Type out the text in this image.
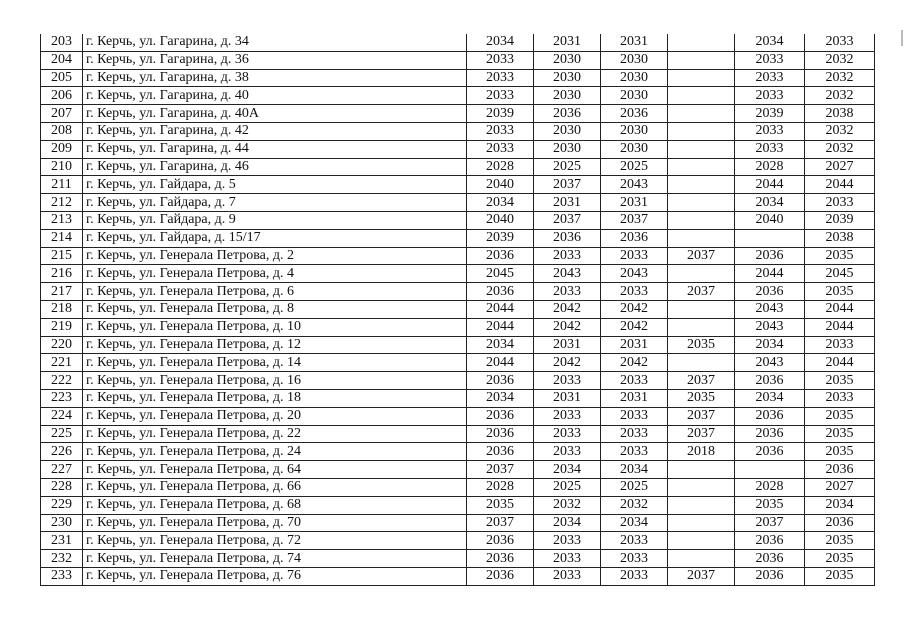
203	г. Керчь, ул. Гагарина, д. 34	2034	2031	2031		2034	2033
204	г. Керчь, ул. Гагарина, д. 36	2033	2030	2030		2033	2032
205	г. Керчь, ул. Гагарина, д. 38	2033	2030	2030		2033	2032
206	г. Керчь, ул. Гагарина, д. 40	2033	2030	2030		2033	2032
207	г. Керчь, ул. Гагарина, д. 40А	2039	2036	2036		2039	2038
208	г. Керчь, ул. Гагарина, д. 42	2033	2030	2030		2033	2032
209	г. Керчь, ул. Гагарина, д. 44	2033	2030	2030		2033	2032
210	г. Керчь, ул. Гагарина, д. 46	2028	2025	2025		2028	2027
211	г. Керчь, ул. Гайдара, д. 5	2040	2037	2043		2044	2044
212	г. Керчь, ул. Гайдара, д. 7	2034	2031	2031		2034	2033
213	г. Керчь, ул. Гайдара, д. 9	2040	2037	2037		2040	2039
214	г. Керчь, ул. Гайдара, д. 15/17	2039	2036	2036			2038
215	г. Керчь, ул. Генерала Петрова, д. 2	2036	2033	2033	2037	2036	2035
216	г. Керчь, ул. Генерала Петрова, д. 4	2045	2043	2043		2044	2045
217	г. Керчь, ул. Генерала Петрова, д. 6	2036	2033	2033	2037	2036	2035
218	г. Керчь, ул. Генерала Петрова, д. 8	2044	2042	2042		2043	2044
219	г. Керчь, ул. Генерала Петрова, д. 10	2044	2042	2042		2043	2044
220	г. Керчь, ул. Генерала Петрова, д. 12	2034	2031	2031	2035	2034	2033
221	г. Керчь, ул. Генерала Петрова, д. 14	2044	2042	2042		2043	2044
222	г. Керчь, ул. Генерала Петрова, д. 16	2036	2033	2033	2037	2036	2035
223	г. Керчь, ул. Генерала Петрова, д. 18	2034	2031	2031	2035	2034	2033
224	г. Керчь, ул. Генерала Петрова, д. 20	2036	2033	2033	2037	2036	2035
225	г. Керчь, ул. Генерала Петрова, д. 22	2036	2033	2033	2037	2036	2035
226	г. Керчь, ул. Генерала Петрова, д. 24	2036	2033	2033	2018	2036	2035
227	г. Керчь, ул. Генерала Петрова, д. 64	2037	2034	2034			2036
228	г. Керчь, ул. Генерала Петрова, д. 66	2028	2025	2025		2028	2027
229	г. Керчь, ул. Генерала Петрова, д. 68	2035	2032	2032		2035	2034
230	г. Керчь, ул. Генерала Петрова, д. 70	2037	2034	2034		2037	2036
231	г. Керчь, ул. Генерала Петрова, д. 72	2036	2033	2033		2036	2035
232	г. Керчь, ул. Генерала Петрова, д. 74	2036	2033	2033		2036	2035
233	г. Керчь, ул. Генерала Петрова, д. 76	2036	2033	2033	2037	2036	2035
